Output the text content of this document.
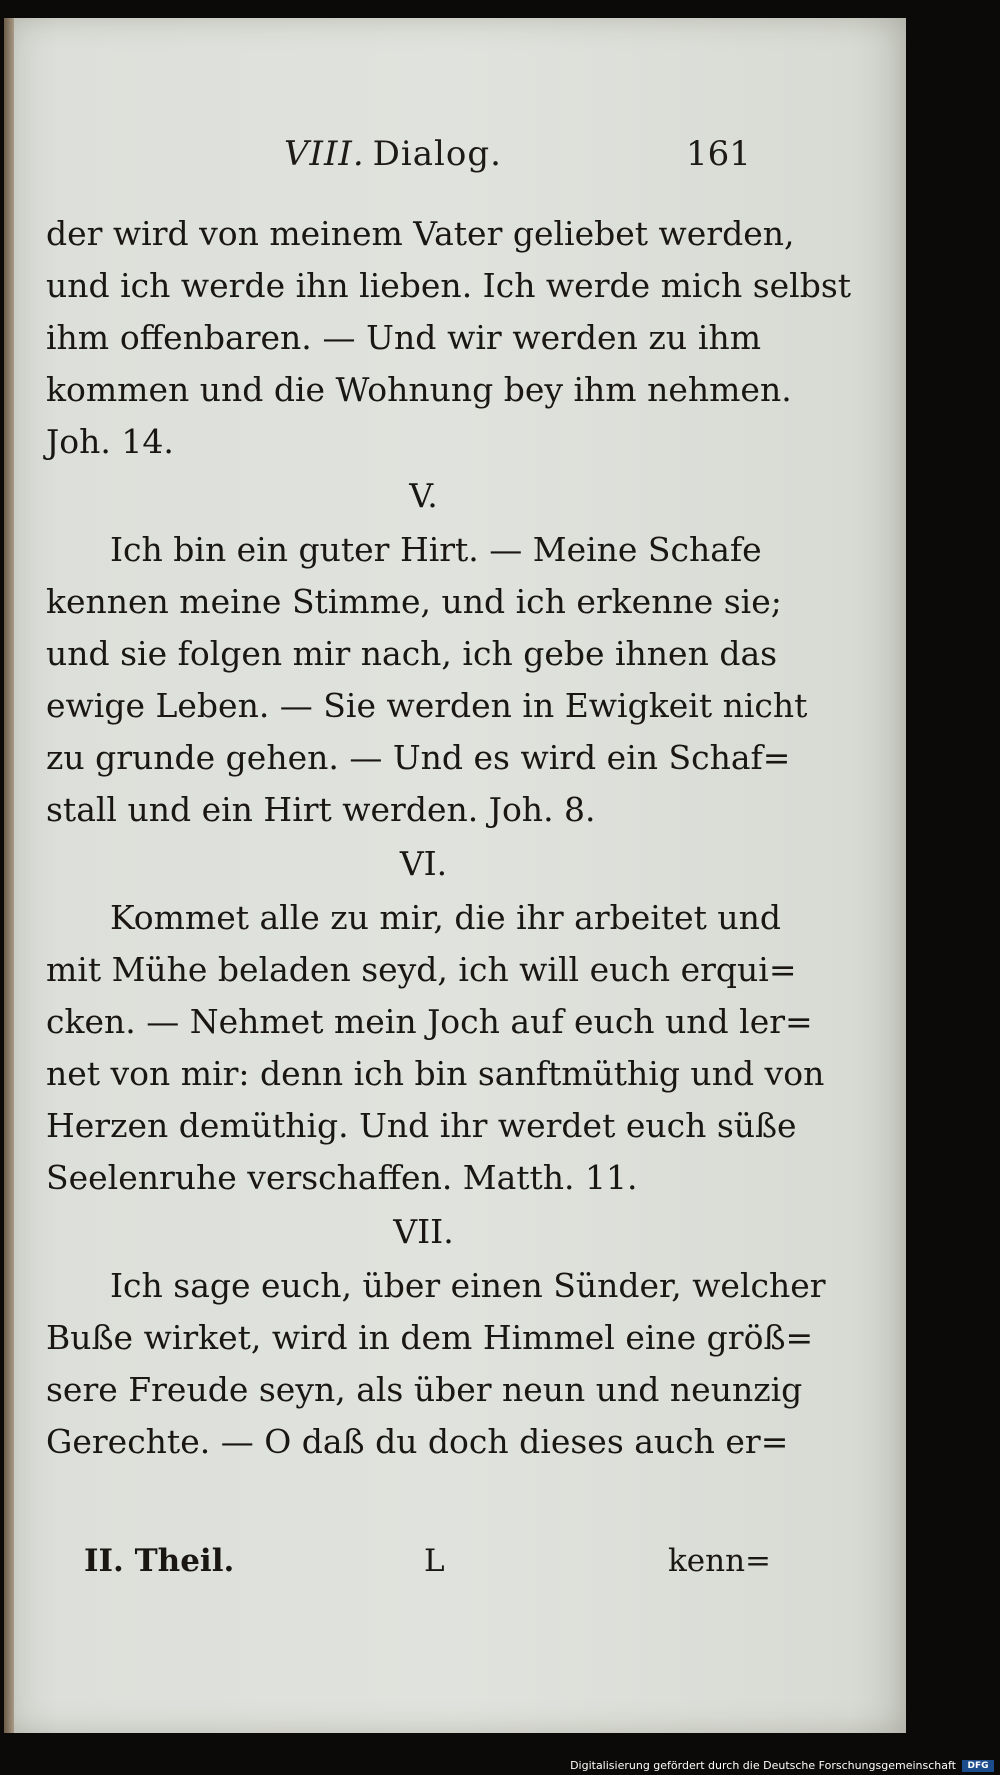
VIII. Dialog.	161
der wird von meinem Vater geliebet werden,
und ich werde ihn lieben. Ich werde mich selbst
ihm offenbaren. — Und wir werden zu ihm
kommen und die Wohnung bey ihm nehmen.
Joh. 14.
V.
Ich bin ein guter Hirt. — Meine Schafe
kennen meine Stimme, und ich erkenne sie;
und sie folgen mir nach, ich gebe ihnen das
ewige Leben. — Sie werden in Ewigkeit nicht
zu grunde gehen. — Und es wird ein Schaf=
stall und ein Hirt werden. Joh. 8.
VI.
Kommet alle zu mir, die ihr arbeitet und
mit Mühe beladen seyd, ich will euch erqui=
cken. — Nehmet mein Joch auf euch und ler=
net von mir: denn ich bin sanftmüthig und von
Herzen demüthig. Und ihr werdet euch süße
Seelenruhe verschaffen. Matth. 11.
VII.
Ich sage euch, über einen Sünder, welcher
Buße wirket, wird in dem Himmel eine größ=
sere Freude seyn, als über neun und neunzig
Gerechte. — O daß du doch dieses auch er=
II. Theil.	L	kenn=
Digitalisierung gefördert durch die Deutsche Forschungsgemeinschaft	DFG
